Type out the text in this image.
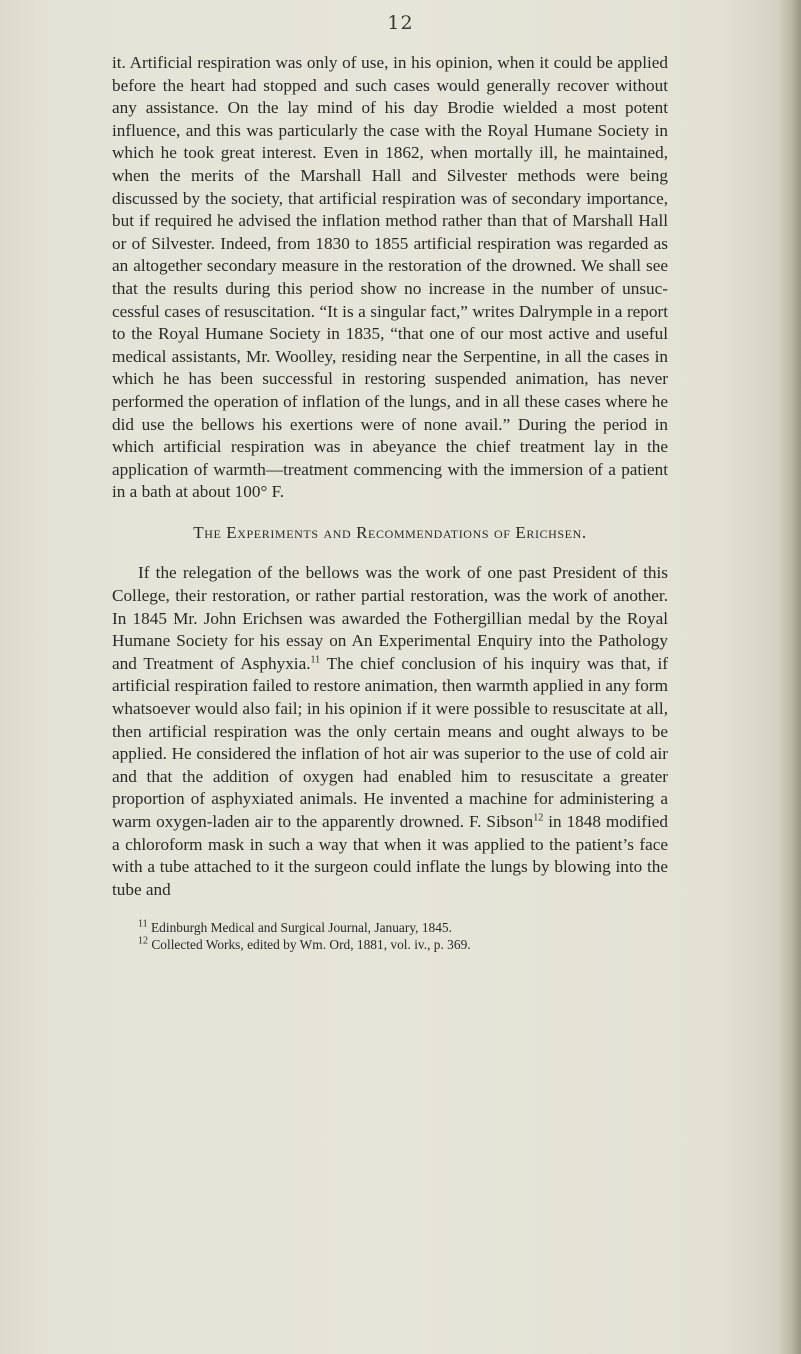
12

it. Artificial respiration was only of use, in his opinion, when it could be applied before the heart had stopped and such cases would generally recover without any assistance. On the lay mind of his day Brodie wielded a most potent influence, and this was particularly the case with the Royal Humane Society in which he took great interest. Even in 1862, when mortally ill, he maintained, when the merits of the Marshall Hall and Silvester methods were being discussed by the society, that artificial respiration was of secondary importance, but if required he advised the inflation method rather than that of Marshall Hall or of Silvester. Indeed, from 1830 to 1855 artificial respiration was regarded as an altogether secondary measure in the restoration of the drowned. We shall see that the results during this period show no increase in the number of unsuccessful cases of resuscitation. “It is a singular fact,” writes Dalrymple in a report to the Royal Humane Society in 1835, “that one of our most active and useful medical assistants, Mr. Woolley, residing near the Serpentine, in all the cases in which he has been successful in restoring suspended animation, has never performed the operation of inflation of the lungs, and in all these cases where he did use the bellows his exertions were of none avail.” During the period in which artificial respiration was in abeyance the chief treatment lay in the application of warmth—treatment commencing with the immersion of a patient in a bath at about 100° F.

The Experiments and Recommendations of Erichsen.

If the relegation of the bellows was the work of one past President of this College, their restoration, or rather partial restoration, was the work of another. In 1845 Mr. John Erichsen was awarded the Fothergillian medal by the Royal Humane Society for his essay on An Experimental Enquiry into the Pathology and Treatment of Asphyxia.$^{11}$ The chief conclusion of his inquiry was that, if artificial respiration failed to restore animation, then warmth applied in any form whatsoever would also fail; in his opinion if it were possible to resuscitate at all, then artificial respiration was the only certain means and ought always to be applied. He considered the inflation of hot air was superior to the use of cold air and that the addition of oxygen had enabled him to resuscitate a greater proportion of asphyxiated animals. He invented a machine for administering a warm oxygen-laden air to the apparently drowned. F. Sibson$^{12}$ in 1848 modified a chloroform mask in such a way that when it was applied to the patient’s face with a tube attached to it the surgeon could inflate the lungs by blowing into the tube and

$^{11}$ Edinburgh Medical and Surgical Journal, January, 1845.

$^{12}$ Collected Works, edited by Wm. Ord, 1881, vol. iv., p. 369.
